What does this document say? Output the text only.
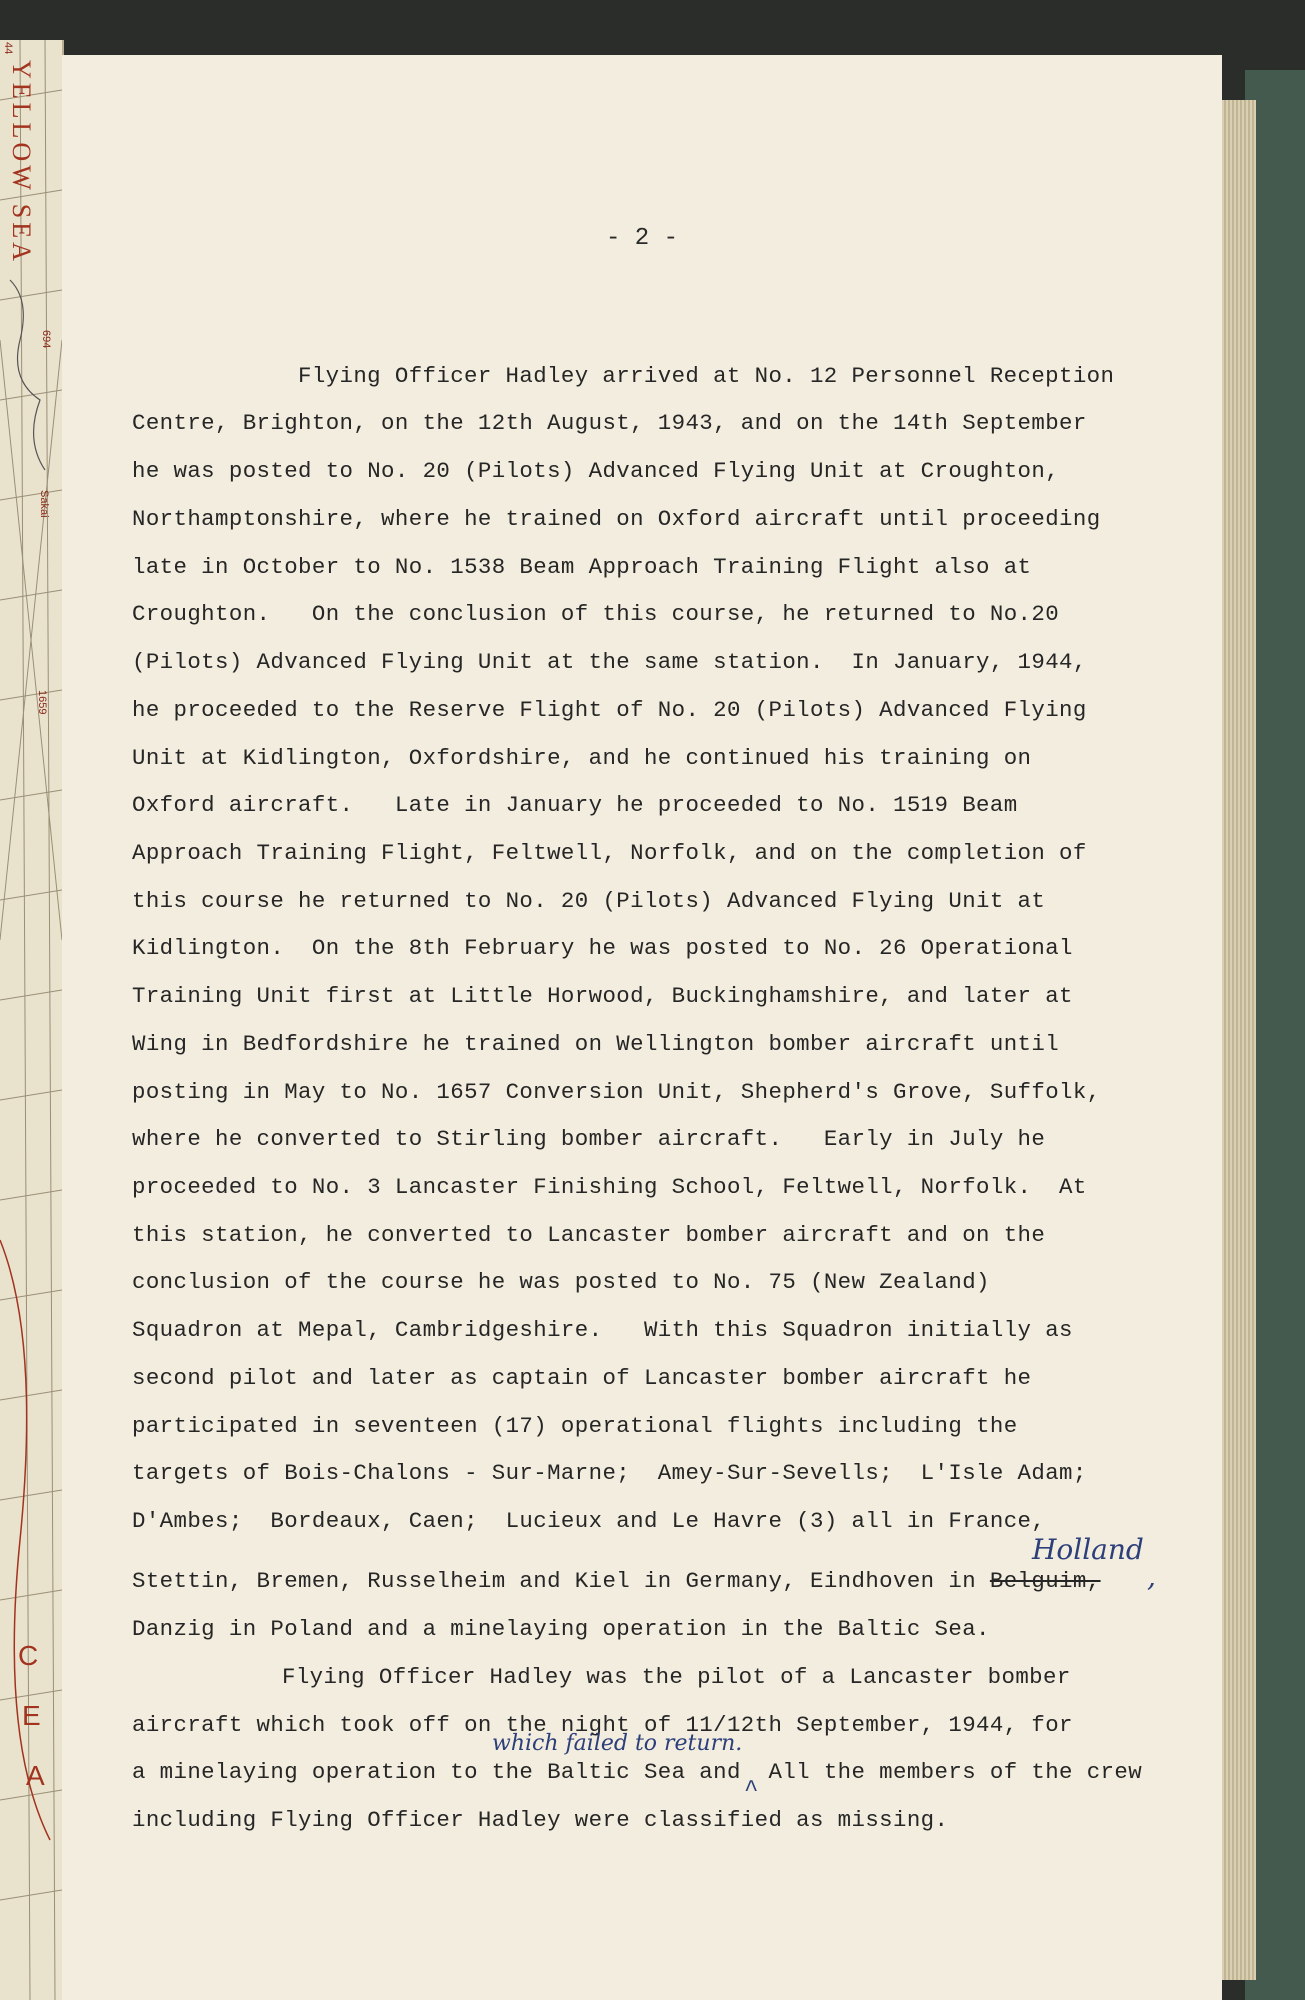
YELLOW SEA
44
694
Sakai
1659
C
E
A
- 2 -
Flying Officer Hadley arrived at No. 12 Personnel Reception
Centre, Brighton, on the 12th August, 1943, and on the 14th September
he was posted to No. 20 (Pilots) Advanced Flying Unit at Croughton,
Northamptonshire, where he trained on Oxford aircraft until proceeding
late in October to No. 1538 Beam Approach Training Flight also at
Croughton.   On the conclusion of this course, he returned to No.20
(Pilots) Advanced Flying Unit at the same station.  In January, 1944,
he proceeded to the Reserve Flight of No. 20 (Pilots) Advanced Flying
Unit at Kidlington, Oxfordshire, and he continued his training on
Oxford aircraft.   Late in January he proceeded to No. 1519 Beam
Approach Training Flight, Feltwell, Norfolk, and on the completion of
this course he returned to No. 20 (Pilots) Advanced Flying Unit at
Kidlington.  On the 8th February he was posted to No. 26 Operational
Training Unit first at Little Horwood, Buckinghamshire, and later at
Wing in Bedfordshire he trained on Wellington bomber aircraft until
posting in May to No. 1657 Conversion Unit, Shepherd's Grove, Suffolk,
where he converted to Stirling bomber aircraft.   Early in July he
proceeded to No. 3 Lancaster Finishing School, Feltwell, Norfolk.  At
this station, he converted to Lancaster bomber aircraft and on the
conclusion of the course he was posted to No. 75 (New Zealand)
Squadron at Mepal, Cambridgeshire.   With this Squadron initially as
second pilot and later as captain of Lancaster bomber aircraft he
participated in seventeen (17) operational flights including the
targets of Bois-Chalons - Sur-Marne;  Amey-Sur-Sevells;  L'Isle Adam;
D'Ambes;  Bordeaux, Caen;  Lucieux and Le Havre (3) all in France,
Holland
Stettin, Bremen, Russelheim and Kiel in Germany, Eindhoven in Belguim, ,
Danzig in Poland and a minelaying operation in the Baltic Sea.
Flying Officer Hadley was the pilot of a Lancaster bomber
aircraft which took off on the night of 11/12th September, 1944, for
which failed to return.
a minelaying operation to the Baltic Sea and  All the members of the crew
^
including Flying Officer Hadley were classified as missing.
